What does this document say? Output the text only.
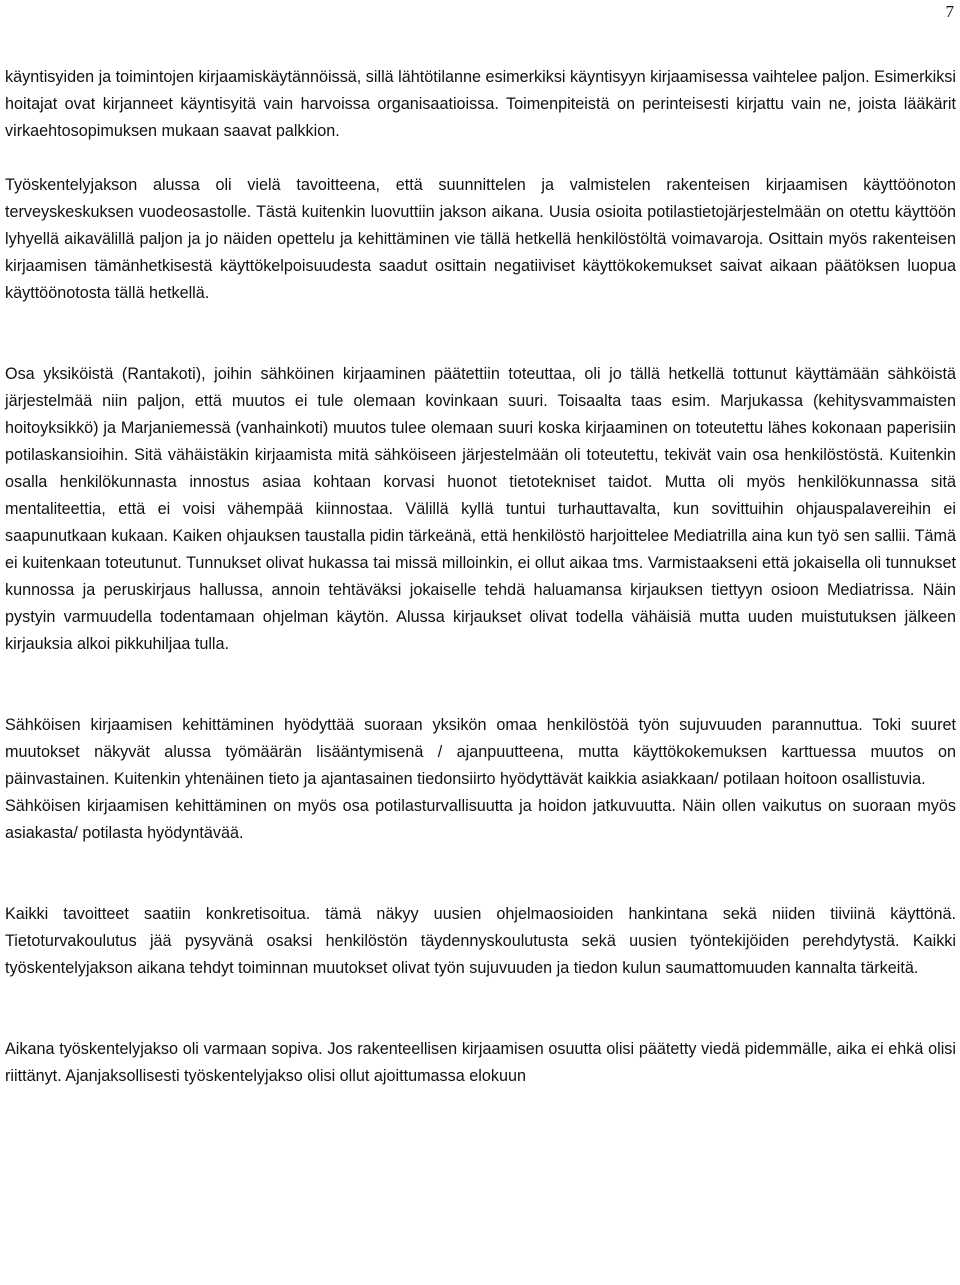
7

käyntisyiden ja toimintojen kirjaamiskäytännöissä, sillä lähtötilanne esimerkiksi käyntisyyn kirjaamisessa vaihtelee paljon. Esimerkiksi hoitajat ovat kirjanneet käyntisyitä vain harvoissa organisaatioissa. Toimenpiteistä on perinteisesti kirjattu vain ne, joista lääkärit virkaehtosopimuksen mukaan saavat palkkion.

Työskentelyjakson alussa oli vielä tavoitteena, että suunnittelen ja valmistelen rakenteisen kirjaamisen käyttöönoton terveyskeskuksen vuodeosastolle. Tästä kuitenkin luovuttiin jakson aikana. Uusia osioita potilastietojärjestelmään on otettu käyttöön lyhyellä aikavälillä paljon ja jo näiden opettelu ja kehittäminen vie tällä hetkellä henkilöstöltä voimavaroja. Osittain myös rakenteisen kirjaamisen tämänhetkisestä käyttökelpoisuudesta saadut osittain negatiiviset käyttökokemukset saivat aikaan päätöksen luopua käyttöönotosta tällä hetkellä.

Osa yksiköistä (Rantakoti), joihin sähköinen kirjaaminen päätettiin toteuttaa, oli jo tällä hetkellä tottunut käyttämään sähköistä järjestelmää niin paljon, että muutos ei tule olemaan kovinkaan suuri. Toisaalta taas esim. Marjukassa (kehitysvammaisten hoitoyksikkö) ja Marjaniemessä (vanhainkoti) muutos tulee olemaan suuri koska kirjaaminen on toteutettu lähes kokonaan paperisiin potilaskansioihin. Sitä vähäistäkin kirjaamista mitä sähköiseen järjestelmään oli toteutettu, tekivät vain osa henkilöstöstä. Kuitenkin osalla henkilökunnasta innostus asiaa kohtaan korvasi huonot tietotekniset taidot. Mutta oli myös henkilökunnassa sitä mentaliteettia, että ei voisi vähempää kiinnostaa. Välillä kyllä tuntui turhauttavalta, kun sovittuihin ohjauspalavereihin ei saapunutkaan kukaan. Kaiken ohjauksen taustalla pidin tärkeänä, että henkilöstö harjoittelee Mediatrilla aina kun työ sen sallii. Tämä ei kuitenkaan toteutunut. Tunnukset olivat hukassa tai missä milloinkin, ei ollut aikaa tms. Varmistaakseni että jokaisella oli tunnukset kunnossa ja peruskirjaus hallussa, annoin tehtäväksi jokaiselle tehdä haluamansa kirjauksen tiettyyn osioon Mediatrissa. Näin pystyin varmuudella todentamaan ohjelman käytön. Alussa kirjaukset olivat todella vähäisiä mutta uuden muistutuksen jälkeen kirjauksia alkoi pikkuhiljaa tulla.

Sähköisen kirjaamisen kehittäminen hyödyttää suoraan yksikön omaa henkilöstöä työn sujuvuuden parannuttua. Toki suuret muutokset näkyvät alussa työmäärän lisääntymisenä / ajanpuutteena, mutta käyttökokemuksen karttuessa muutos on päinvastainen. Kuitenkin yhtenäinen tieto ja ajantasainen tiedonsiirto hyödyttävät kaikkia asiakkaan/ potilaan hoitoon osallistuvia.

Sähköisen kirjaamisen kehittäminen on myös osa potilasturvallisuutta ja hoidon jatkuvuutta. Näin ollen vaikutus on suoraan myös asiakasta/ potilasta hyödyntävää.

Kaikki tavoitteet saatiin konkretisoitua. tämä näkyy uusien ohjelmaosioiden hankintana sekä niiden tiiviinä käyttönä. Tietoturvakoulutus jää pysyvänä osaksi henkilöstön täydennyskoulutusta sekä uusien työntekijöiden perehdytystä. Kaikki työskentelyjakson aikana tehdyt toiminnan muutokset olivat työn sujuvuuden ja tiedon kulun saumattomuuden kannalta tärkeitä.

Aikana työskentelyjakso oli varmaan sopiva. Jos rakenteellisen kirjaamisen osuutta olisi päätetty viedä pidemmälle, aika ei ehkä olisi riittänyt. Ajanjaksollisesti työskentelyjakso olisi ollut ajoittumassa elokuun
